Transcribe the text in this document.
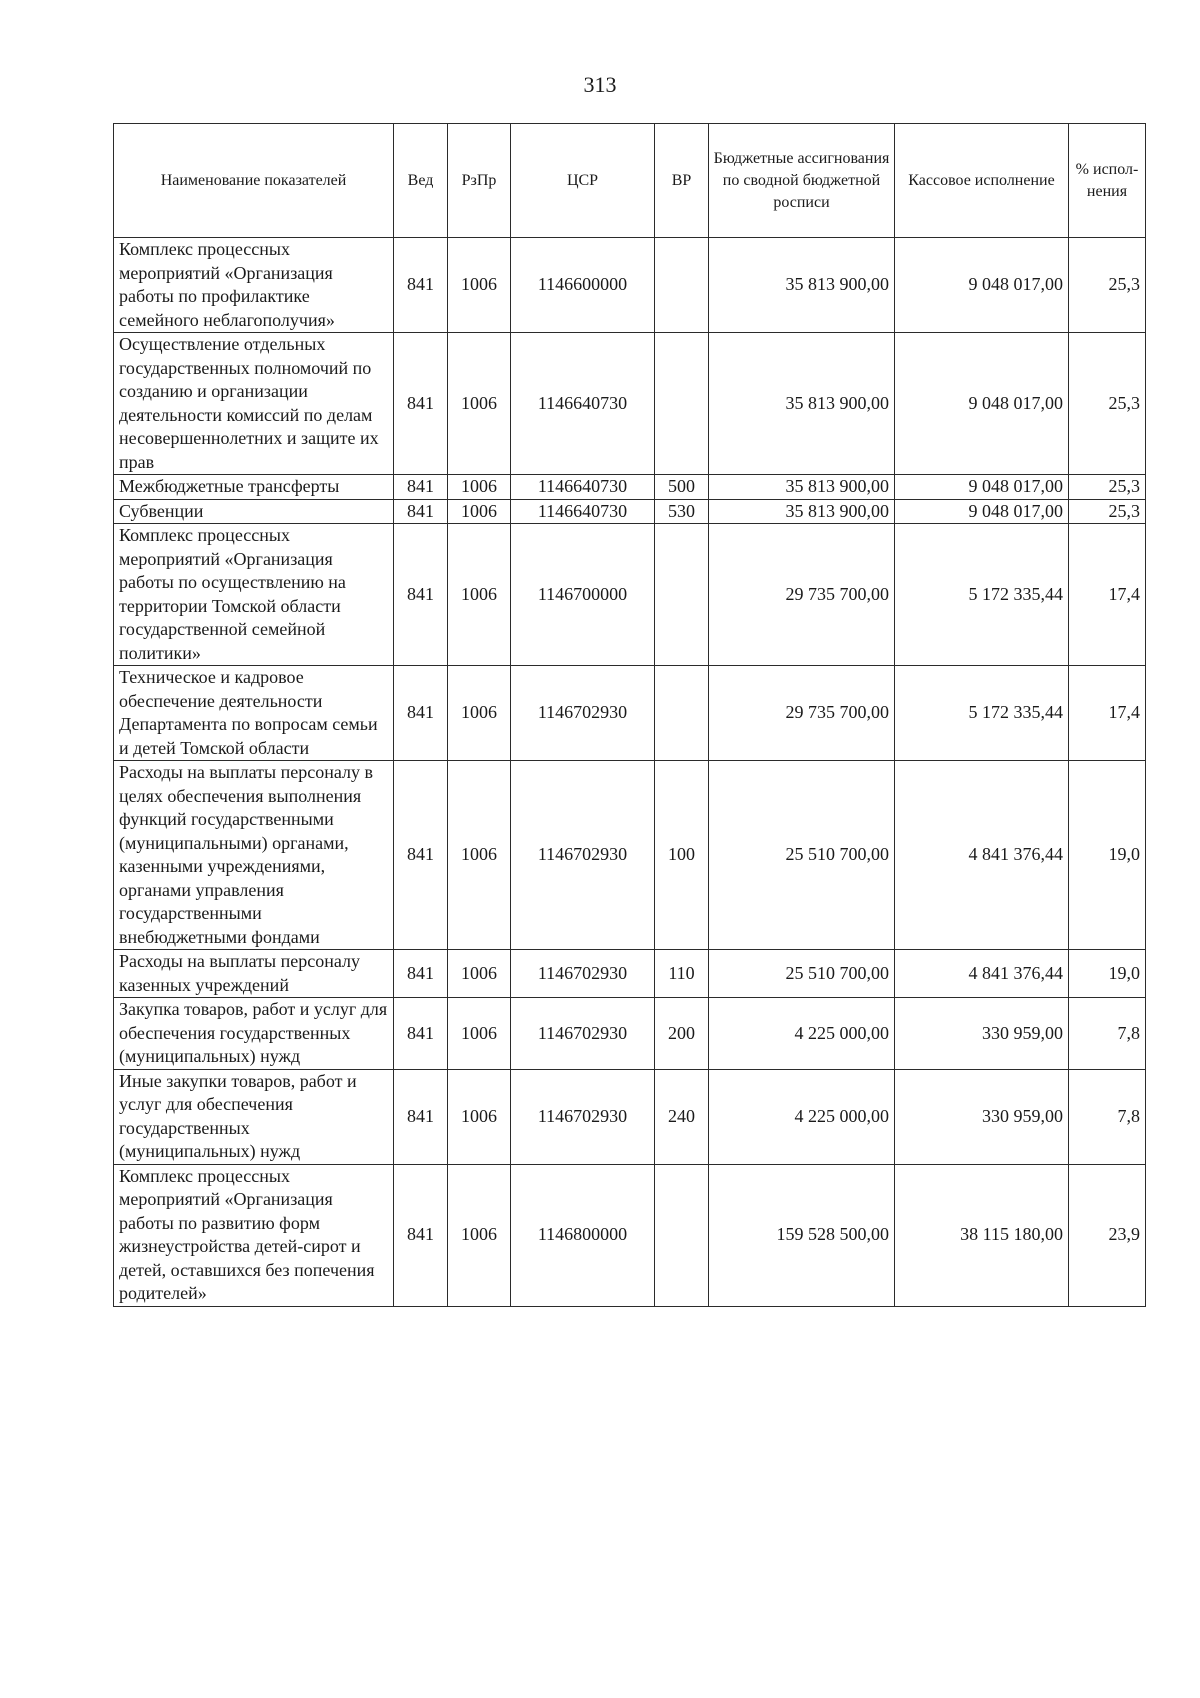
313
Наименование показателей	Вед	РзПр	ЦСР	ВР	Бюджетные ассигнования по сводной бюджетной росписи	Кассовое исполнение	% испол-нения
Комплекс процессных мероприятий «Организация работы по профилактике семейного неблагополучия»	841	1006	1146600000		35 813 900,00	9 048 017,00	25,3
Осуществление отдельных государственных полномочий по созданию и организации деятельности комиссий по делам несовершеннолетних и защите их прав	841	1006	1146640730		35 813 900,00	9 048 017,00	25,3
Межбюджетные трансферты	841	1006	1146640730	500	35 813 900,00	9 048 017,00	25,3
Субвенции	841	1006	1146640730	530	35 813 900,00	9 048 017,00	25,3
Комплекс процессных мероприятий «Организация работы по осуществлению на территории Томской области государственной семейной политики»	841	1006	1146700000		29 735 700,00	5 172 335,44	17,4
Техническое и кадровое обеспечение деятельности Департамента по вопросам семьи и детей Томской области	841	1006	1146702930		29 735 700,00	5 172 335,44	17,4
Расходы на выплаты персоналу в целях обеспечения выполнения функций государственными (муниципальными) органами, казенными учреждениями, органами управления государственными внебюджетными фондами	841	1006	1146702930	100	25 510 700,00	4 841 376,44	19,0
Расходы на выплаты персоналу казенных учреждений	841	1006	1146702930	110	25 510 700,00	4 841 376,44	19,0
Закупка товаров, работ и услуг для обеспечения государственных (муниципальных) нужд	841	1006	1146702930	200	4 225 000,00	330 959,00	7,8
Иные закупки товаров, работ и услуг для обеспечения государственных (муниципальных) нужд	841	1006	1146702930	240	4 225 000,00	330 959,00	7,8
Комплекс процессных мероприятий «Организация работы по развитию форм жизнеустройства детей-сирот и детей, оставшихся без попечения родителей»	841	1006	1146800000		159 528 500,00	38 115 180,00	23,9
